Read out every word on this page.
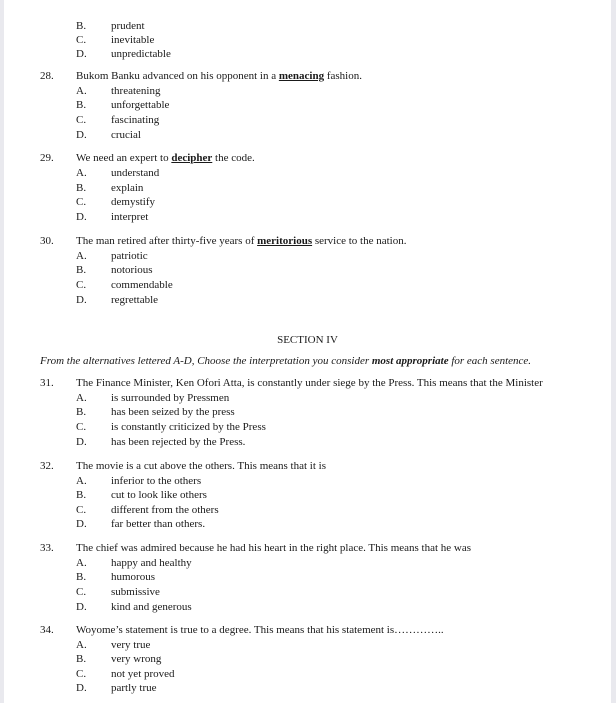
B. prudent
C. inevitable
D. unpredictable
28. Bukom Banku advanced on his opponent in a menacing fashion.
A. threatening
B. unforgettable
C. fascinating
D. crucial
29. We need an expert to decipher the code.
A. understand
B. explain
C. demystify
D. interpret
30. The man retired after thirty-five years of meritorious service to the nation.
A. patriotic
B. notorious
C. commendable
D. regrettable
SECTION IV
From the alternatives lettered A-D, Choose the interpretation you consider most appropriate for each sentence.
31. The Finance Minister, Ken Ofori Atta, is constantly under siege by the Press. This means that the Minister
A. is surrounded by Pressmen
B. has been seized by the press
C. is constantly criticized by the Press
D. has been rejected by the Press.
32. The movie is a cut above the others. This means that it is
A. inferior to the others
B. cut to look like others
C. different from the others
D. far better than others.
33. The chief was admired because he had his heart in the right place. This means that he was
A. happy and healthy
B. humorous
C. submissive
D. kind and generous
34. Woyome’s statement is true to a degree. This means that his statement is…………..
A. very true
B. very wrong
C. not yet proved
D. partly true
